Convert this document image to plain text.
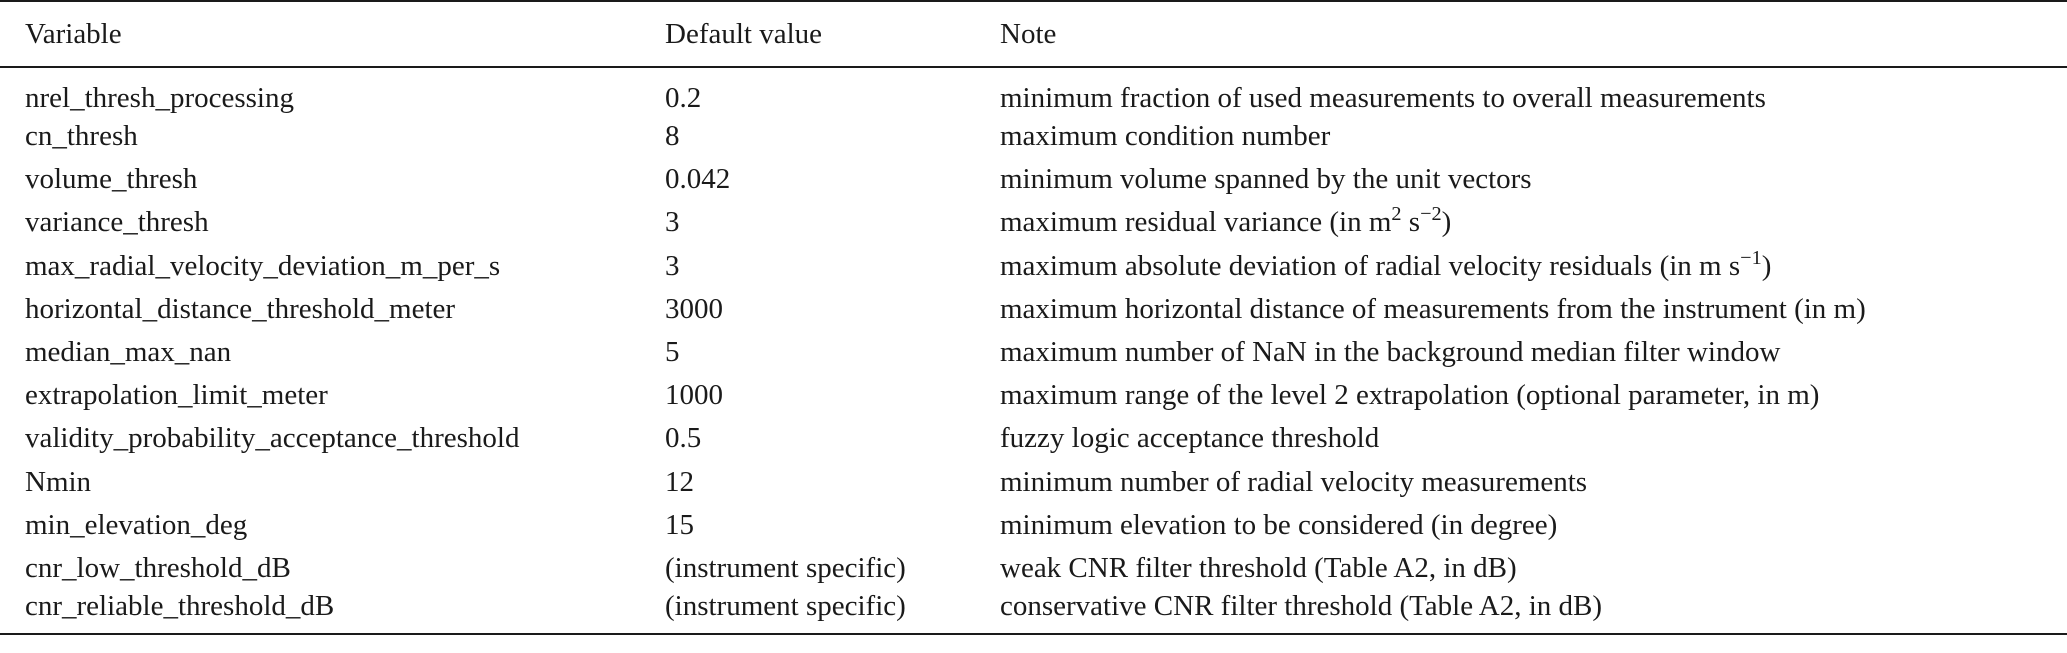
Variable	Default value	Note
nrel_thresh_processing	0.2	minimum fraction of used measurements to overall measurements
cn_thresh	8	maximum condition number
volume_thresh	0.042	minimum volume spanned by the unit vectors
variance_thresh	3	maximum residual variance (in $m^2$ $s^{-2}$)
max_radial_velocity_deviation_m_per_s	3	maximum absolute deviation of radial velocity residuals (in m $s^{-1}$)
horizontal_distance_threshold_meter	3000	maximum horizontal distance of measurements from the instrument (in m)
median_max_nan	5	maximum number of NaN in the background median filter window
extrapolation_limit_meter	1000	maximum range of the level 2 extrapolation (optional parameter, in m)
validity_probability_acceptance_threshold	0.5	fuzzy logic acceptance threshold
Nmin	12	minimum number of radial velocity measurements
min_elevation_deg	15	minimum elevation to be considered (in degree)
cnr_low_threshold_dB	(instrument specific)	weak CNR filter threshold (Table A2, in dB)
cnr_reliable_threshold_dB	(instrument specific)	conservative CNR filter threshold (Table A2, in dB)
